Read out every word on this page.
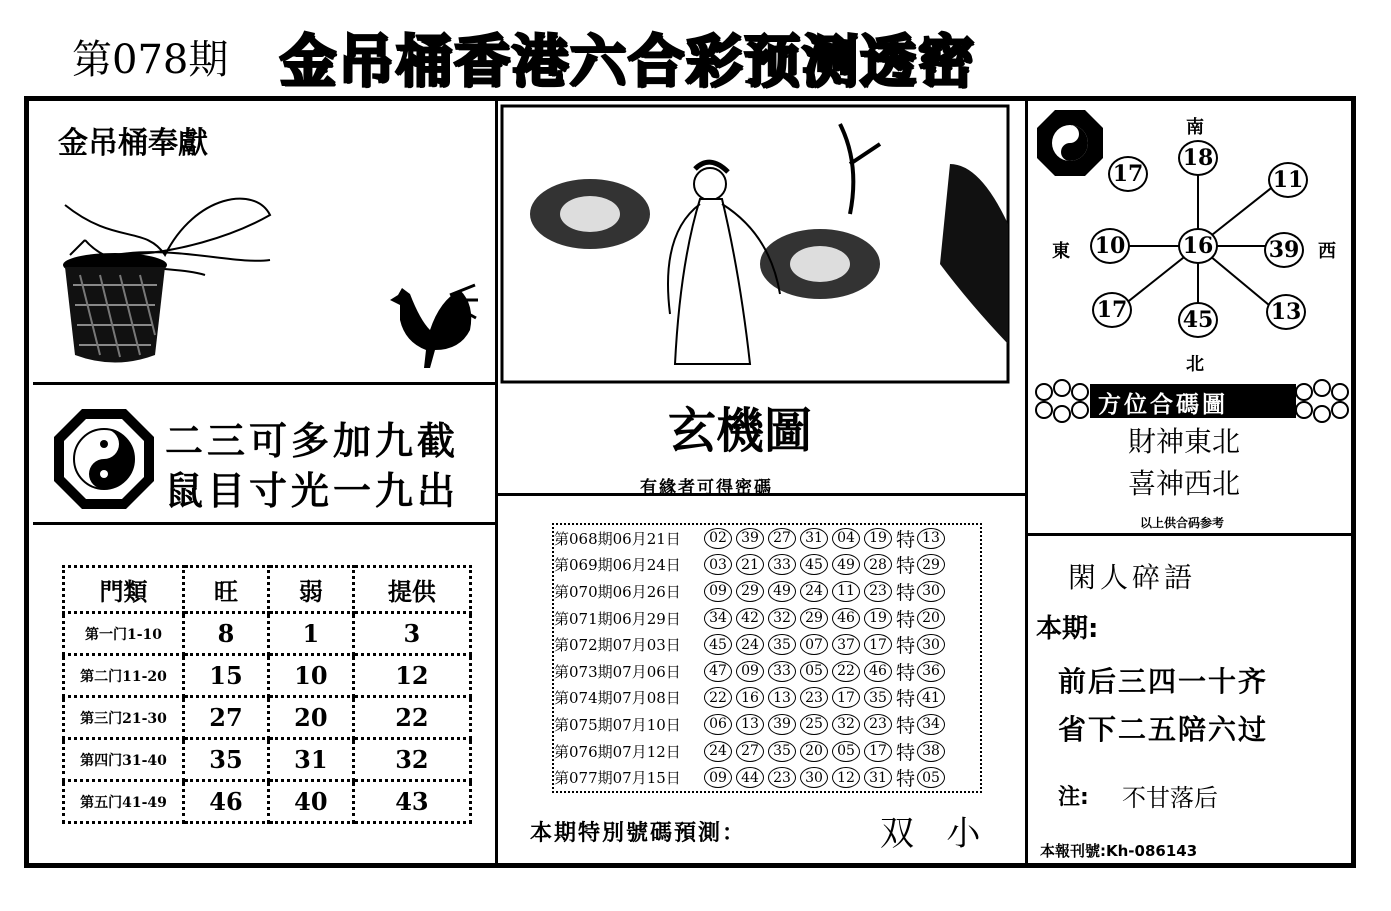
第078期 金吊桶香港六合彩预测透密
金吊桶奉獻
二三可多加九截
鼠目寸光一九出
門類	旺	弱	提供
第一门1-10	8	1	3
第二门11-20	15	10	12
第三门21-30	27	20	22
第四门31-40	35	31	32
第五门41-49	46	40	43
玄機圖
有緣者可得密碼
第068期06月21日	02	39	27	31	04	19 特 13
第069期06月24日	03	21	33	45	49	28 特 29
第070期06月26日	09	29	49	24	11	23 特 30
第071期06月29日	34	42	32	29	46	19 特 20
第072期07月03日	45	24	35	07	37	17 特 30
第073期07月06日	47	09	33	05	22	46 特 36
第074期07月08日	22	16	13	23	17	35 特 41
第075期07月10日	06	13	39	25	32	23 特 34
第076期07月12日	24	27	35	20	05	17 特 38
第077期07月15日	09	44	23	30	12	31 特 05
本期特別號碼預測：	双   小
南
北
東	西
18
17	11
10	16	39
17	45	13
方位合碼圖
財神東北
喜神西北
以上供合码参考
閑人碎語
本期:
前后三四一十齐
省下二五陪六过
注: 不甘落后
本報刊號:Kh-086143
